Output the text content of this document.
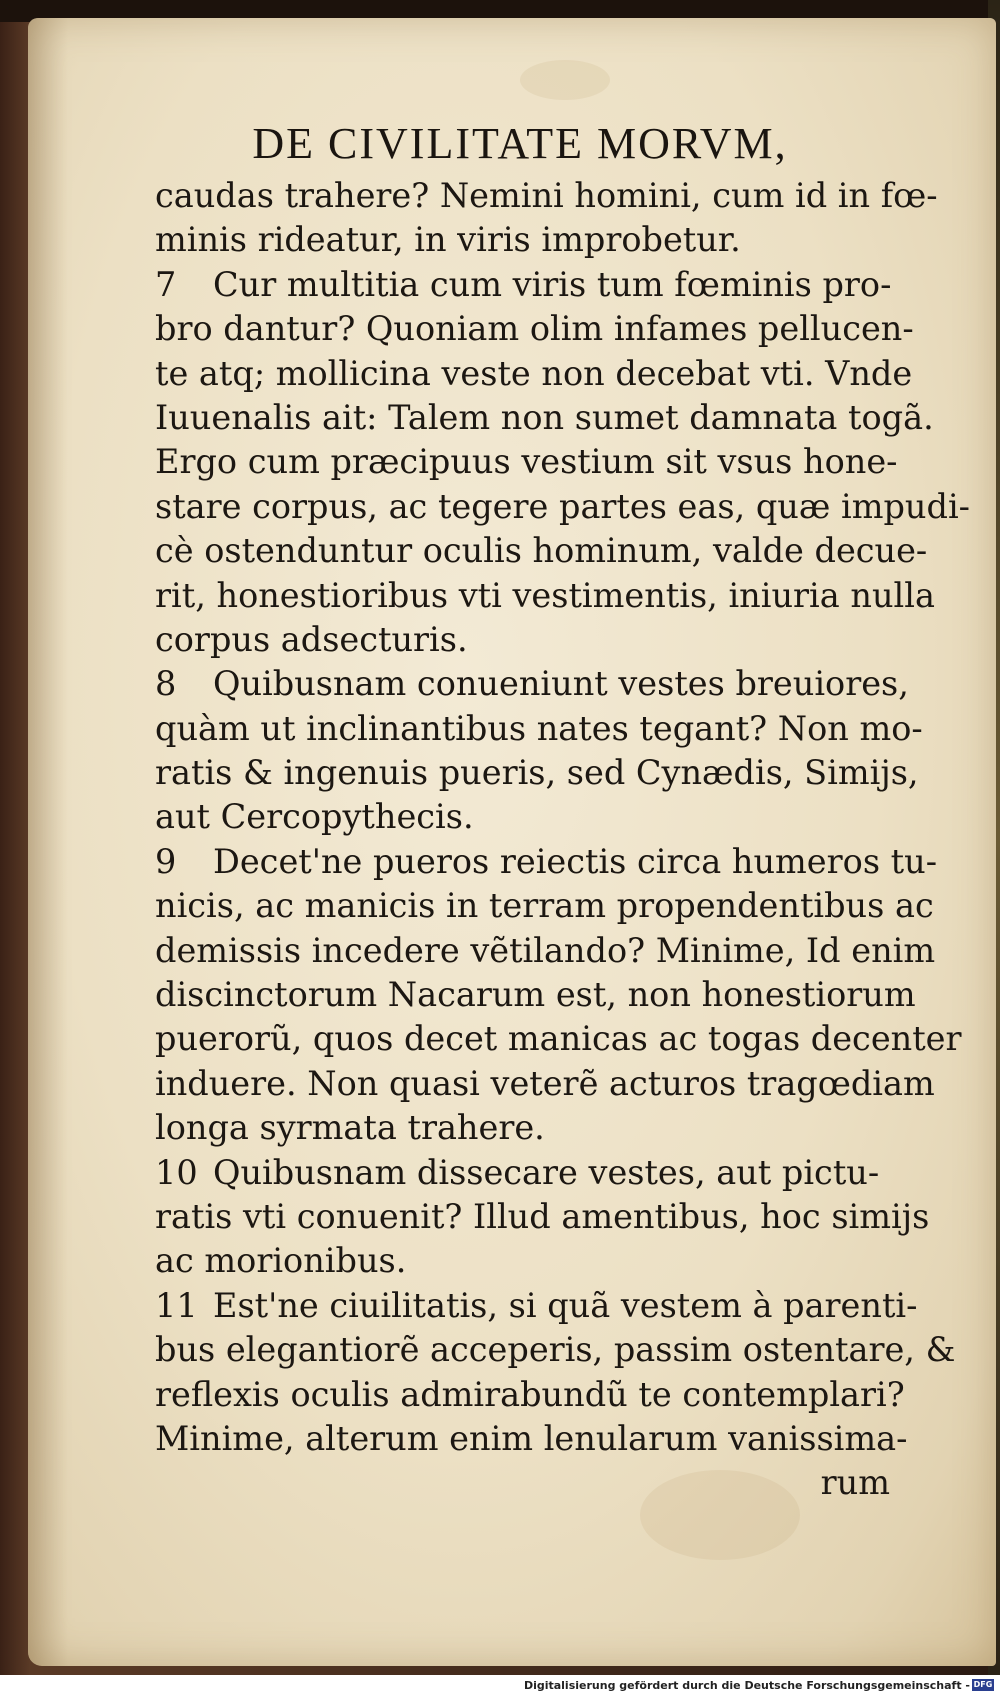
DE CIVILITATE MORVM,
caudas trahere? Nemini homini, cum id in fœ-
minis rideatur, in viris improbetur.
7 Cur multitia cum viris tum fœminis pro-
bro dantur? Quoniam olim infames pellucen-
te atq; mollicina veste non decebat vti. Vnde
Iuuenalis ait: Talem non sumet damnata togã.
Ergo cum præcipuus vestium sit vsus hone-
stare corpus, ac tegere partes eas, quæ impudi-
cè ostenduntur oculis hominum, valde decue-
rit, honestioribus vti vestimentis, iniuria nulla
corpus adsecturis.
8 Quibusnam conueniunt vestes breuiores,
quàm ut inclinantibus nates tegant? Non mo-
ratis & ingenuis pueris, sed Cynædis, Simijs,
aut Cercopythecis.
9 Decet'ne pueros reiectis circa humeros tu-
nicis, ac manicis in terram propendentibus ac
demissis incedere vẽtilando? Minime, Id enim
discinctorum Nacarum est, non honestiorum
puerorũ, quos decet manicas ac togas decenter
induere. Non quasi veterẽ acturos tragœdiam
longa syrmata trahere.
10 Quibusnam dissecare vestes, aut pictu-
ratis vti conuenit? Illud amentibus, hoc simijs
ac morionibus.
11 Est'ne ciuilitatis, si quã vestem à parenti-
bus elegantiorẽ acceperis, passim ostentare, &
reflexis oculis admirabundũ te contemplari?
Minime, alterum enim lenularum vanissima-
rum
Digitalisierung gefördert durch die Deutsche Forschungsgemeinschaft - DFG
